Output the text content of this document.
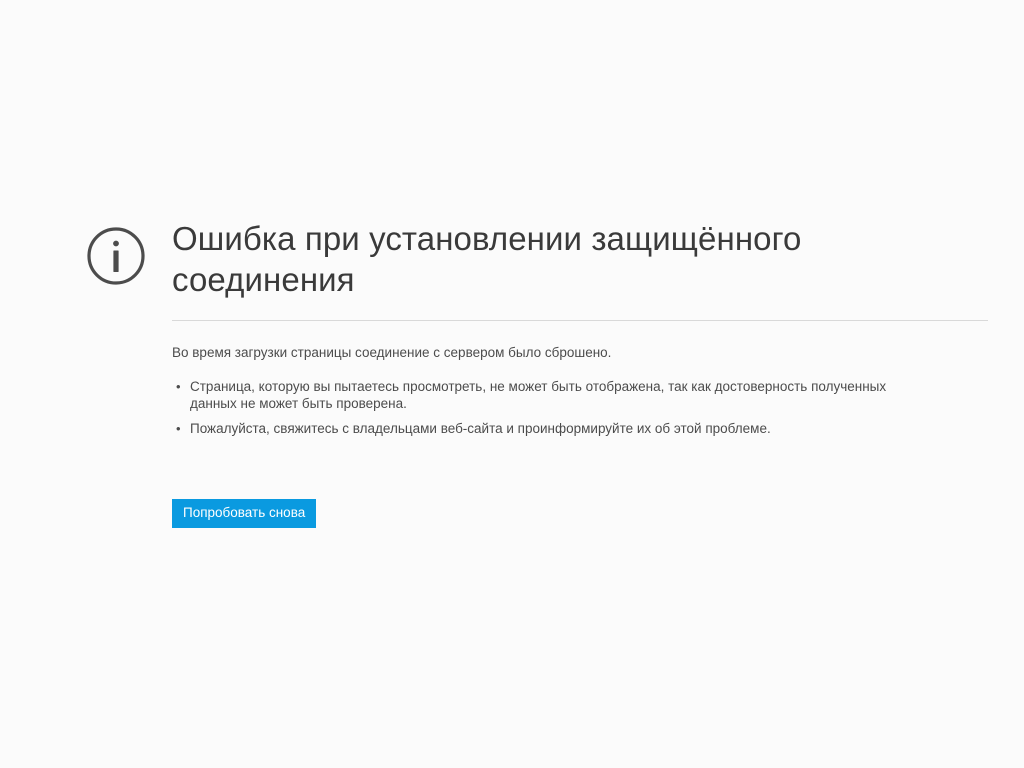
Ошибка при установлении защищённого соединения

Во время загрузки страницы соединение с сервером было сброшено.

• Страница, которую вы пытаетесь просмотреть, не может быть отображена, так как достоверность полученных данных не может быть проверена.
• Пожалуйста, свяжитесь с владельцами веб-сайта и проинформируйте их об этой проблеме.
Попробовать снова
